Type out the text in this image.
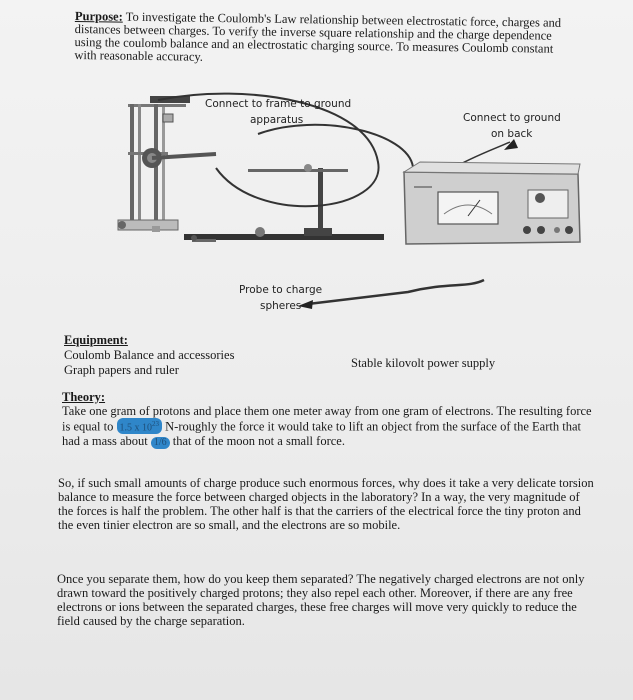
Purpose: To investigate the Coulomb's Law relationship between electrostatic force, charges and distances between charges. To verify the inverse square relationship and the charge dependence using the coulomb balance and an electrostatic charging source. To measures Coulomb constant with reasonable accuracy.
Connect to frame to ground
apparatus	Connect to ground
on back
Probe to charge
spheres
Equipment:
Coulomb Balance and accessories
Graph papers and ruler	Stable kilovolt power supply
Theory:
Take one gram of protons and place them one meter away from one gram of electrons. The resulting force is equal to 1.5 x $10^{23}$ N-roughly the force it would take to lift an object from the surface of the Earth that had a mass about 1/6 that of the moon not a small force.
So, if such small amounts of charge produce such enormous forces, why does it take a very delicate torsion balance to measure the force between charged objects in the laboratory? In a way, the very magnitude of the forces is half the problem. The other half is that the carriers of the electrical force the tiny proton and the even tinier electron are so small, and the electrons are so mobile.
Once you separate them, how do you keep them separated? The negatively charged electrons are not only drawn toward the positively charged protons; they also repel each other. Moreover, if there are any free electrons or ions between the separated charges, these free charges will move very quickly to reduce the field caused by the charge separation.
